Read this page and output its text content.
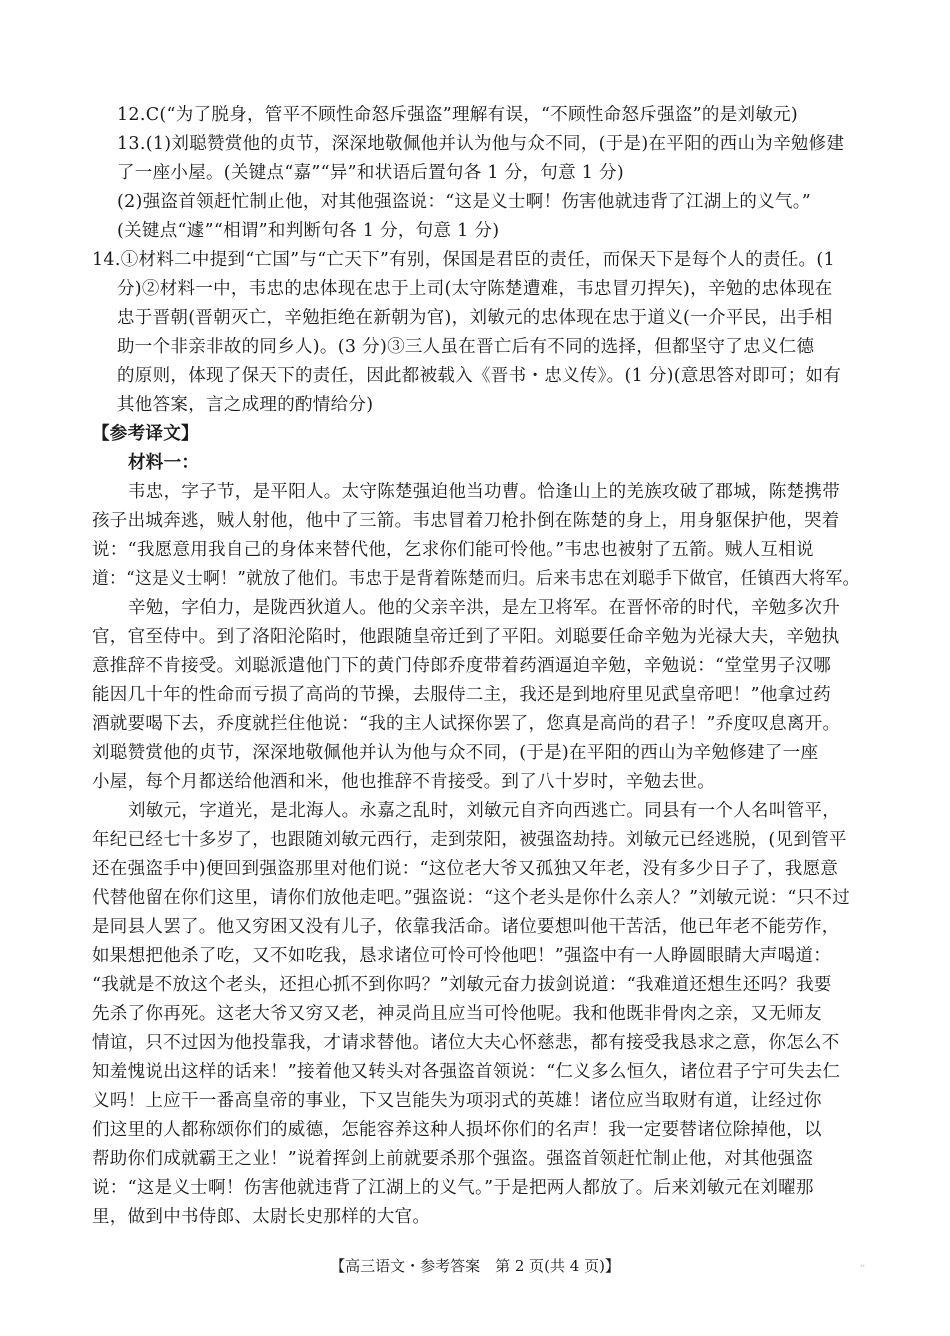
12.C(“为了脱身，管平不顾性命怒斥强盗”理解有误，“不顾性命怒斥强盗”的是刘敏元)
13.(1)刘聪赞赏他的贞节，深深地敬佩他并认为他与众不同，(于是)在平阳的西山为辛勉修建
了一座小屋。(关键点“嘉”“异”和状语后置句各 1 分，句意 1 分)
(2)强盗首领赶忙制止他，对其他强盗说：“这是义士啊！伤害他就违背了江湖上的义气。”
(关键点“遽”“相谓”和判断句各 1 分，句意 1 分)
14.①材料二中提到“亡国”与“亡天下”有别，保国是君臣的责任，而保天下是每个人的责任。(1
分)②材料一中，韦忠的忠体现在忠于上司(太守陈楚遭难，韦忠冒刃捍矢)，辛勉的忠体现在
忠于晋朝(晋朝灭亡，辛勉拒绝在新朝为官)，刘敏元的忠体现在忠于道义(一介平民，出手相
助一个非亲非故的同乡人)。(3 分)③三人虽在晋亡后有不同的选择，但都坚守了忠义仁德
的原则，体现了保天下的责任，因此都被载入《晋书・忠义传》。(1 分)(意思答对即可；如有
其他答案，言之成理的酌情给分)
【参考译文】
材料一：
韦忠，字子节，是平阳人。太守陈楚强迫他当功曹。恰逢山上的羌族攻破了郡城，陈楚携带
孩子出城奔逃，贼人射他，他中了三箭。韦忠冒着刀枪扑倒在陈楚的身上，用身躯保护他，哭着
说：“我愿意用我自己的身体来替代他，乞求你们能可怜他。”韦忠也被射了五箭。贼人互相说
道：“这是义士啊！”就放了他们。韦忠于是背着陈楚而归。后来韦忠在刘聪手下做官，任镇西大将军。
辛勉，字伯力，是陇西狄道人。他的父亲辛洪，是左卫将军。在晋怀帝的时代，辛勉多次升
官，官至侍中。到了洛阳沦陷时，他跟随皇帝迁到了平阳。刘聪要任命辛勉为光禄大夫，辛勉执
意推辞不肯接受。刘聪派遣他门下的黄门侍郎乔度带着药酒逼迫辛勉，辛勉说：“堂堂男子汉哪
能因几十年的性命而亏损了高尚的节操，去服侍二主，我还是到地府里见武皇帝吧！”他拿过药
酒就要喝下去，乔度就拦住他说：“我的主人试探你罢了，您真是高尚的君子！”乔度叹息离开。
刘聪赞赏他的贞节，深深地敬佩他并认为他与众不同，(于是)在平阳的西山为辛勉修建了一座
小屋，每个月都送给他酒和米，他也推辞不肯接受。到了八十岁时，辛勉去世。
刘敏元，字道光，是北海人。永嘉之乱时，刘敏元自齐向西逃亡。同县有一个人名叫管平，
年纪已经七十多岁了，也跟随刘敏元西行，走到荥阳，被强盗劫持。刘敏元已经逃脱，(见到管平
还在强盗手中)便回到强盗那里对他们说：“这位老大爷又孤独又年老，没有多少日子了，我愿意
代替他留在你们这里，请你们放他走吧。”强盗说：“这个老头是你什么亲人？”刘敏元说：“只不过
是同县人罢了。他又穷困又没有儿子，依靠我活命。诸位要想叫他干苦活，他已年老不能劳作，
如果想把他杀了吃，又不如吃我，恳求诸位可怜可怜他吧！”强盗中有一人睁圆眼睛大声喝道：
“我就是不放这个老头，还担心抓不到你吗？”刘敏元奋力拔剑说道：“我难道还想生还吗？我要
先杀了你再死。这老大爷又穷又老，神灵尚且应当可怜他呢。我和他既非骨肉之亲，又无师友
情谊，只不过因为他投靠我，才请求替他。诸位大夫心怀慈悲，都有接受我恳求之意，你怎么不
知羞愧说出这样的话来！”接着他又转头对各强盗首领说：“仁义多么恒久，诸位君子宁可失去仁
义吗！上应干一番高皇帝的事业，下又岂能失为项羽式的英雄！诸位应当取财有道，让经过你
们这里的人都称颂你们的威德，怎能容养这种人损坏你们的名声！我一定要替诸位除掉他，以
帮助你们成就霸王之业！”说着挥剑上前就要杀那个强盗。强盗首领赶忙制止他，对其他强盗
说：“这是义士啊！伤害他就违背了江湖上的义气。”于是把两人都放了。后来刘敏元在刘曜那
里，做到中书侍郎、太尉长史那样的大官。
【高三语文・参考答案　第 2 页(共 4 页)】	··
